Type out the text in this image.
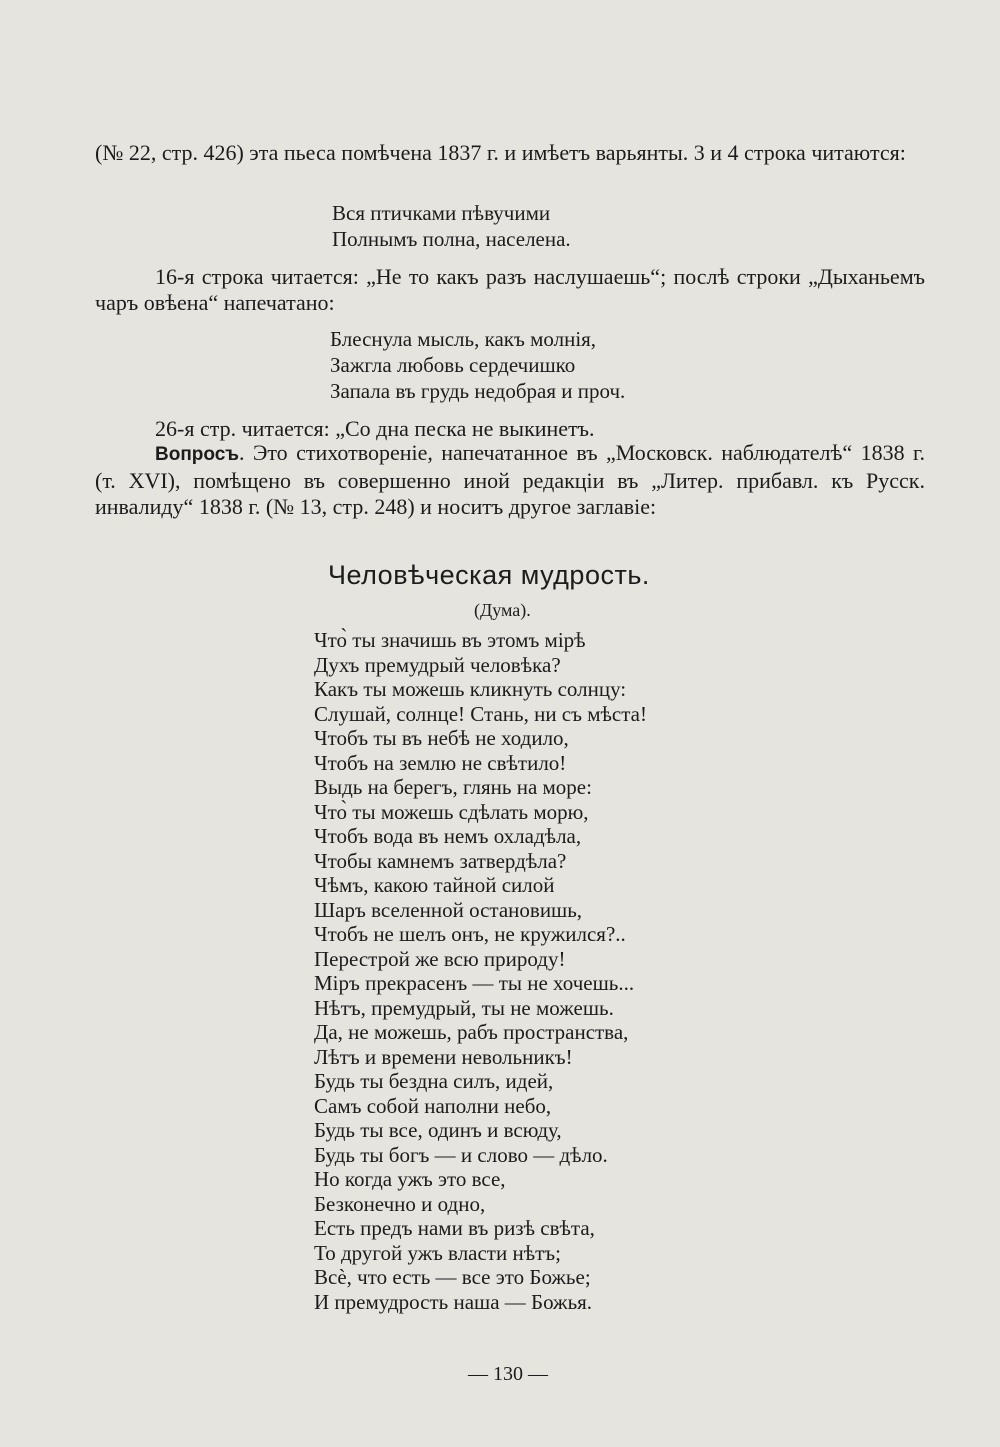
(№ 22, стр. 426) эта пьеса помѣчена 1837 г. и имѣетъ варьянты. 3 и 4 строка читаются:

Вся птичками пѣвучими
Полнымъ полна, населена.

16-я строка читается: „Не то какъ разъ наслушаешь“; послѣ строки „Дыханьемъ чаръ овѣена“ напечатано:

Блеснула мысль, какъ молнія,
Зажгла любовь сердечишко
Запала въ грудь недобрая и проч.

26-я стр. читается: „Со дна песка не выкинетъ.

Вопросъ. Это стихотвореніе, напечатанное въ „Московск. наблюдателѣ“ 1838 г. (т. XVI), помѣщено въ совершенно иной редакціи въ „Литер. прибавл. къ Русск. инвалиду“ 1838 г. (№ 13, стр. 248) и носитъ другое заглавіе:

Человѣческая мудрость.
(Дума).
Что̀ ты значишь въ этомъ мірѣ
Духъ премудрый человѣка?
Какъ ты можешь кликнуть солнцу:
Слушай, солнце! Стань, ни съ мѣста!
Чтобъ ты въ небѣ не ходило,
Чтобъ на землю не свѣтило!
Выдь на берегъ, глянь на море:
Что̀ ты можешь сдѣлать морю,
Чтобъ вода въ немъ охладѣла,
Чтобы камнемъ затвердѣла?
Чѣмъ, какою тайной силой
Шаръ вселенной остановишь,
Чтобъ не шелъ онъ, не кружился?..
Перестрой же всю природу!
Міръ прекрасенъ — ты не хочешь...
Нѣтъ, премудрый, ты не можешь.
Да, не можешь, рабъ пространства,
Лѣтъ и времени невольникъ!
Будь ты бездна силъ, идей,
Самъ собой наполни небо,
Будь ты все, одинъ и всюду,
Будь ты богъ — и слово — дѣло.
Но когда ужъ это все,
Безконечно и одно,
Есть предъ нами въ ризѣ свѣта,
То другой ужъ власти нѣтъ;
Всѐ, что есть — все это Божье;
И премудрость наша — Божья.
— 130 —
